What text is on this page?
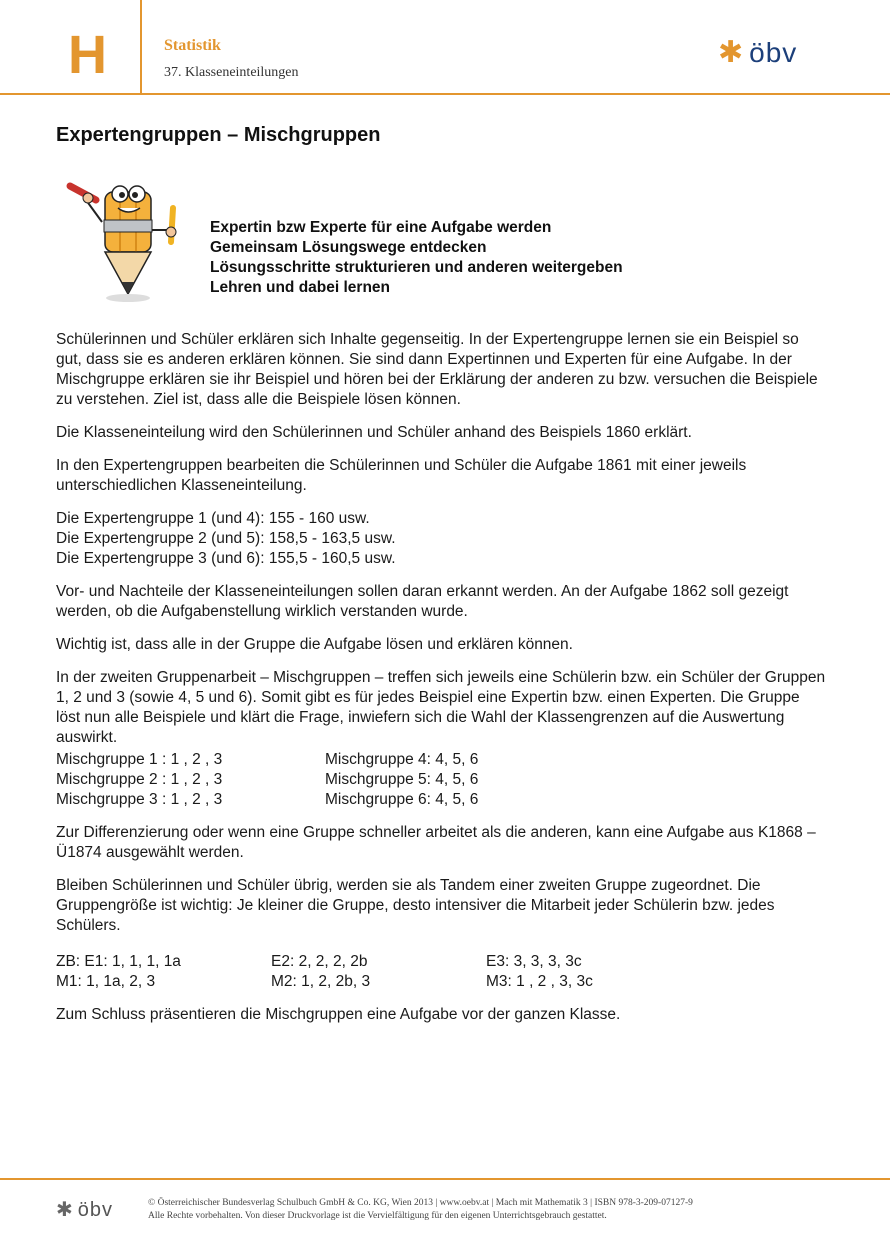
H	Statistik
37. Klasseneinteilungen
✱ öbv
Expertengruppen – Mischgruppen
Expertin bzw Experte für eine Aufgabe werden
Gemeinsam Lösungswege entdecken
Lösungsschritte strukturieren und anderen weitergeben
Lehren und dabei lernen

Schülerinnen und Schüler erklären sich Inhalte gegenseitig. In der Expertengruppe lernen sie ein Beispiel so gut, dass sie es anderen erklären können. Sie sind dann Expertinnen und Experten für eine Aufgabe. In der Mischgruppe erklären sie ihr Beispiel und hören bei der Erklärung der anderen zu bzw. versuchen die Beispiele zu verstehen. Ziel ist, dass alle die Beispiele lösen können.

Die Klasseneinteilung wird den Schülerinnen und Schüler anhand des Beispiels 1860 erklärt.

In den Expertengruppen bearbeiten die Schülerinnen und Schüler die Aufgabe 1861 mit einer jeweils unterschiedlichen Klasseneinteilung.

Die Expertengruppe 1 (und 4): 155 - 160 usw.
Die Expertengruppe 2 (und 5): 158,5 - 163,5 usw.
Die Expertengruppe 3 (und 6): 155,5 - 160,5 usw.

Vor- und Nachteile der Klasseneinteilungen sollen daran erkannt werden. An der Aufgabe 1862 soll gezeigt werden, ob die Aufgabenstellung wirklich verstanden wurde.

Wichtig ist, dass alle in der Gruppe die Aufgabe lösen und erklären können.

In der zweiten Gruppenarbeit – Mischgruppen – treffen sich jeweils eine Schülerin bzw. ein Schüler der Gruppen 1, 2 und 3 (sowie 4, 5 und 6). Somit gibt es für jedes Beispiel eine Expertin bzw. einen Experten. Die Gruppe löst nun alle Beispiele und klärt die Frage, inwiefern sich die Wahl der Klassengrenzen auf die Auswertung auswirkt.

Mischgruppe 1 : 1 , 2 , 3	Mischgruppe 4: 4, 5, 6
Mischgruppe 2 : 1 , 2 , 3	Mischgruppe 5: 4, 5, 6
Mischgruppe 3 : 1 , 2 , 3	Mischgruppe 6: 4, 5, 6

Zur Differenzierung oder wenn eine Gruppe schneller arbeitet als die anderen, kann eine Aufgabe aus K1868 – Ü1874 ausgewählt werden.

Bleiben Schülerinnen und Schüler übrig, werden sie als Tandem einer zweiten Gruppe zugeordnet. Die Gruppengröße ist wichtig: Je kleiner die Gruppe, desto intensiver die Mitarbeit jeder Schülerin bzw. jedes Schülers.

ZB: E1: 1, 1, 1, 1a	E2: 2, 2, 2, 2b	E3: 3, 3, 3, 3c
M1: 1, 1a, 2, 3	M2: 1, 2, 2b, 3	M3: 1 , 2 , 3, 3c

Zum Schluss präsentieren die Mischgruppen eine Aufgabe vor der ganzen Klasse.

✱ öbv	© Österreichischer Bundesverlag Schulbuch GmbH & Co. KG, Wien 2013 | www.oebv.at | Mach mit Mathematik 3 | ISBN 978-3-209-07127-9
Alle Rechte vorbehalten. Von dieser Druckvorlage ist die Vervielfältigung für den eigenen Unterrichtsgebrauch gestattet.
